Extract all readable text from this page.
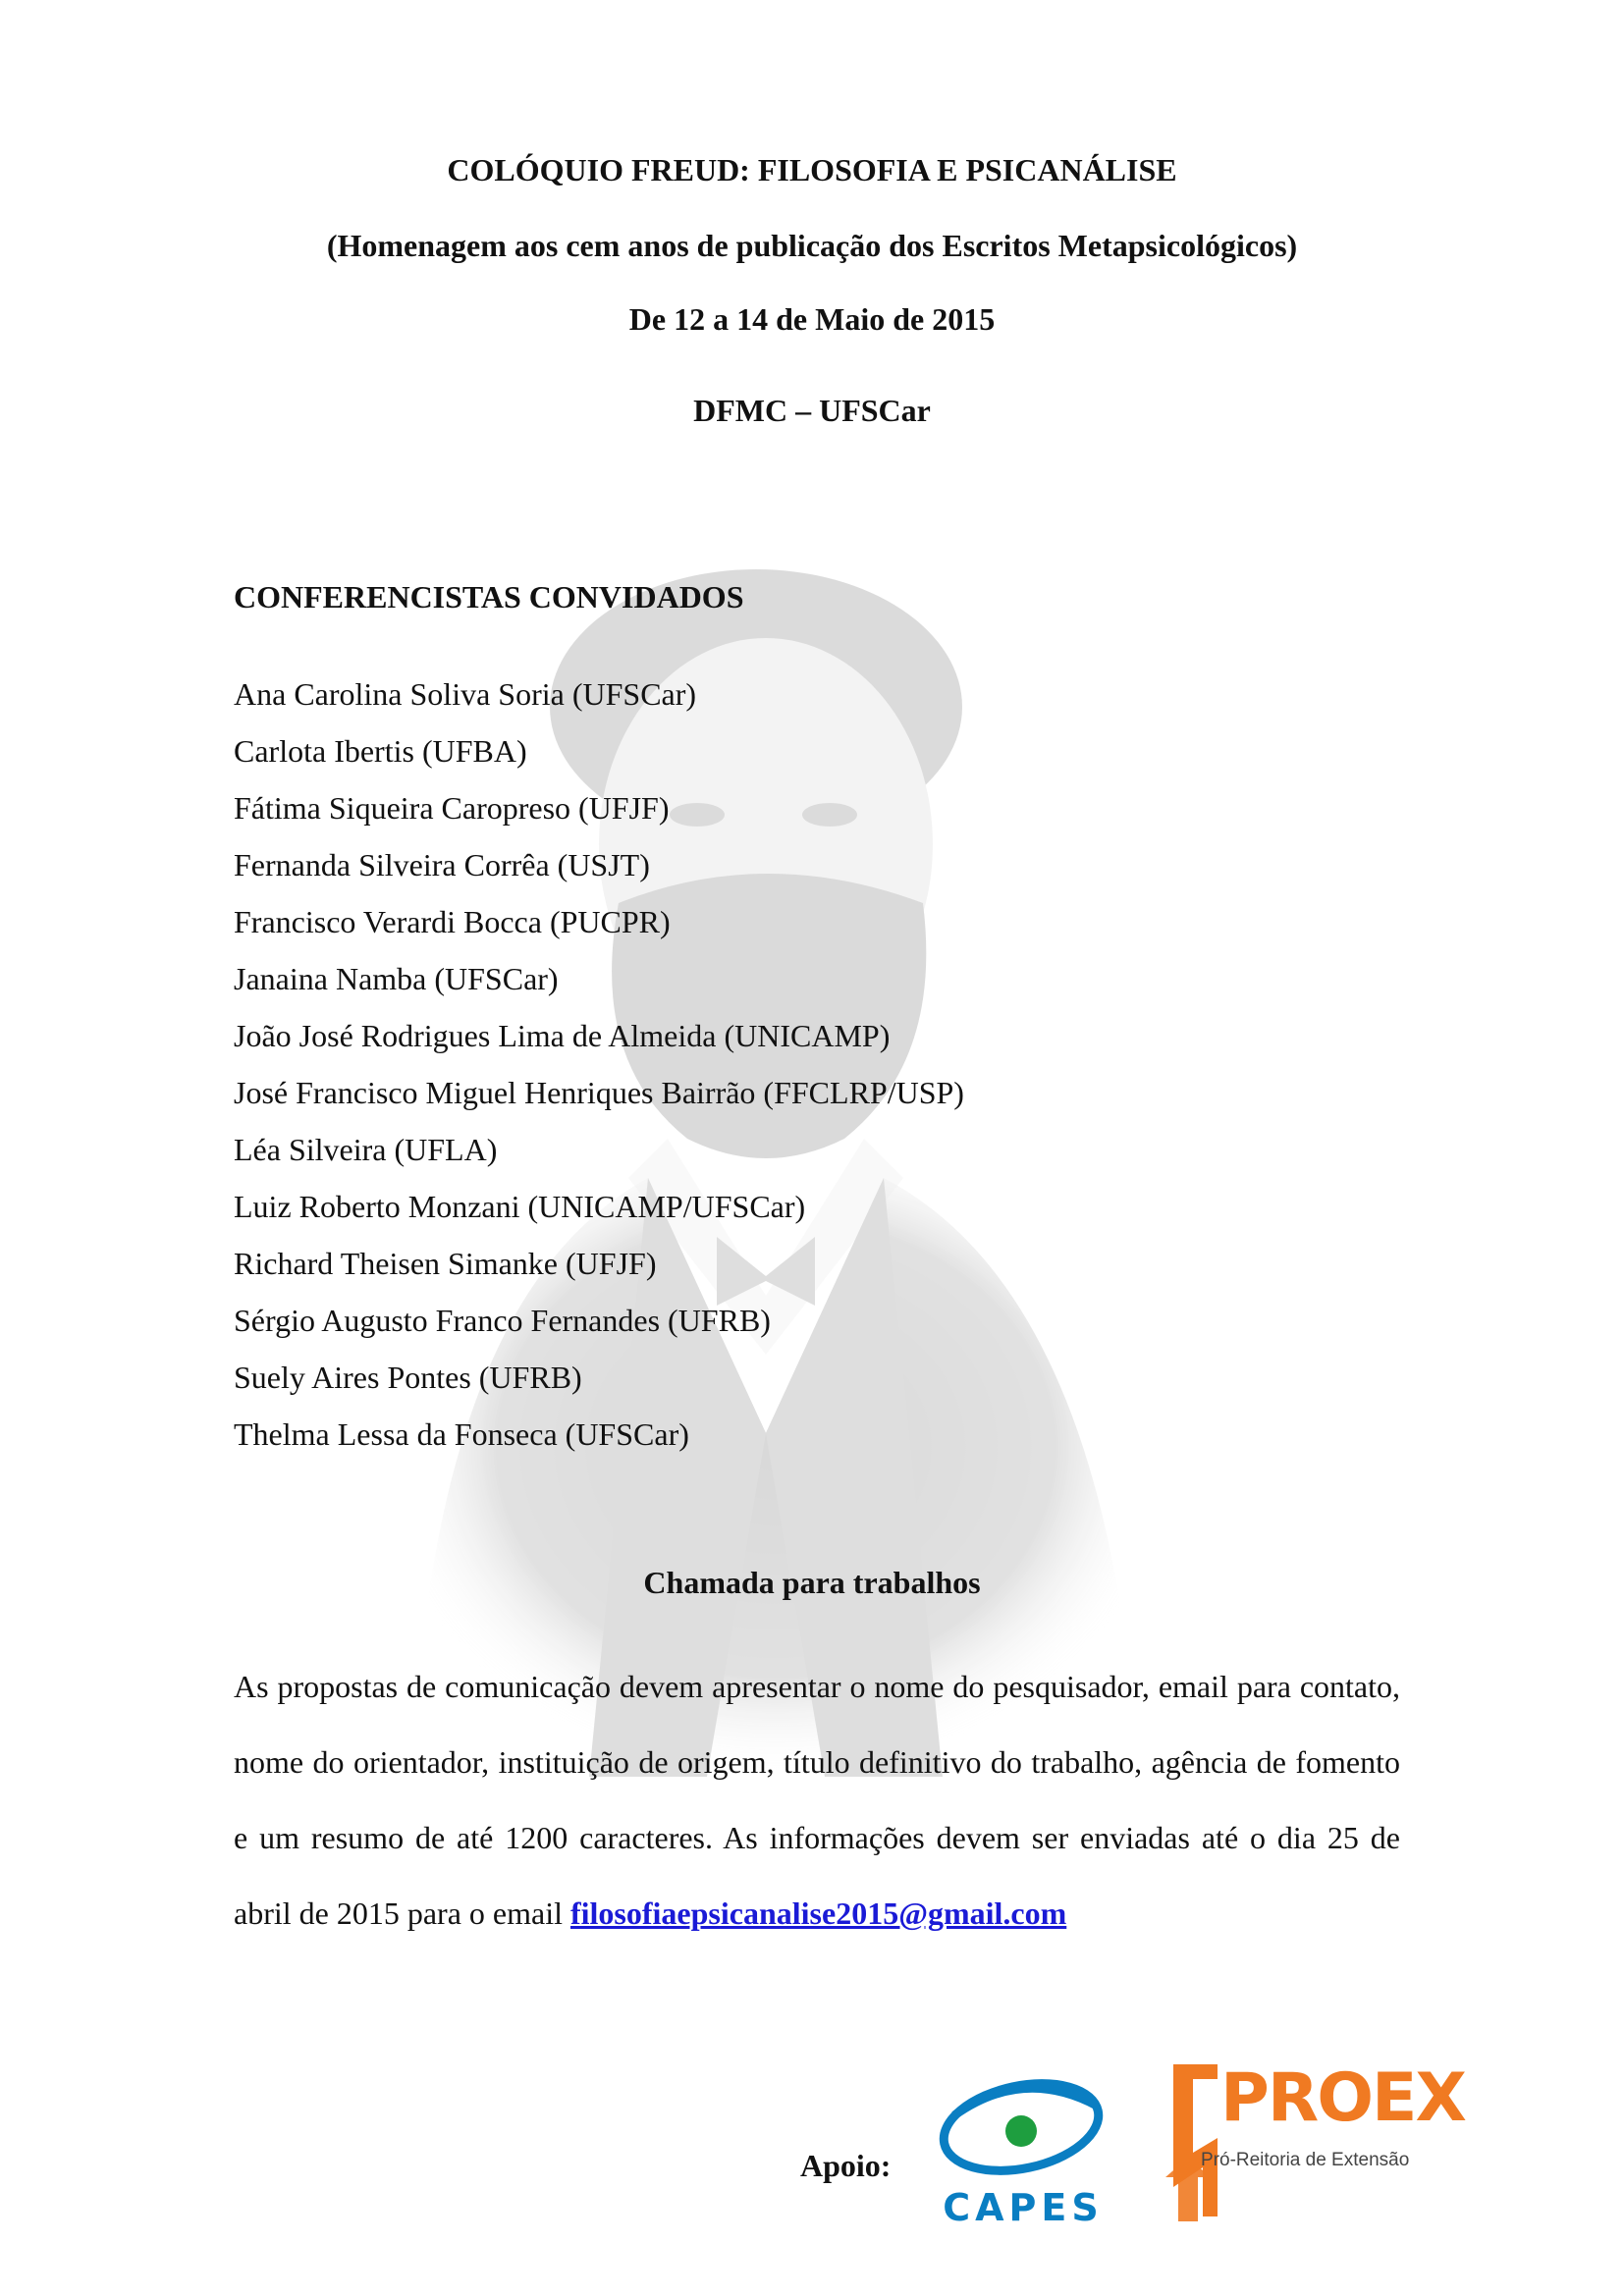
COLÓQUIO FREUD: FILOSOFIA E PSICANÁLISE
(Homenagem aos cem anos de publicação dos Escritos Metapsicológicos)
De 12 a 14 de Maio de 2015
DFMC – UFSCar
CONFERENCISTAS CONVIDADOS
Ana Carolina Soliva Soria (UFSCar)
Carlota Ibertis (UFBA)
Fátima Siqueira Caropreso (UFJF)
Fernanda Silveira Corrêa (USJT)
Francisco Verardi Bocca (PUCPR)
Janaina Namba (UFSCar)
João José Rodrigues Lima de Almeida (UNICAMP)
José Francisco Miguel Henriques Bairrão (FFCLRP/USP)
Léa Silveira (UFLA)
Luiz Roberto Monzani (UNICAMP/UFSCar)
Richard Theisen Simanke (UFJF)
Sérgio Augusto Franco Fernandes (UFRB)
Suely Aires Pontes (UFRB)
Thelma Lessa da Fonseca (UFSCar)
Chamada para trabalhos
As propostas de comunicação devem apresentar o nome do pesquisador, email para contato, nome do orientador, instituição de origem, título definitivo do trabalho, agência de fomento e um resumo de até 1200 caracteres. As informações devem ser enviadas até o dia 25 de abril de 2015 para o email filosofiaepsicanalise2015@gmail.com
Apoio:
CAPES
PROEX
Pró-Reitoria de Extensão
